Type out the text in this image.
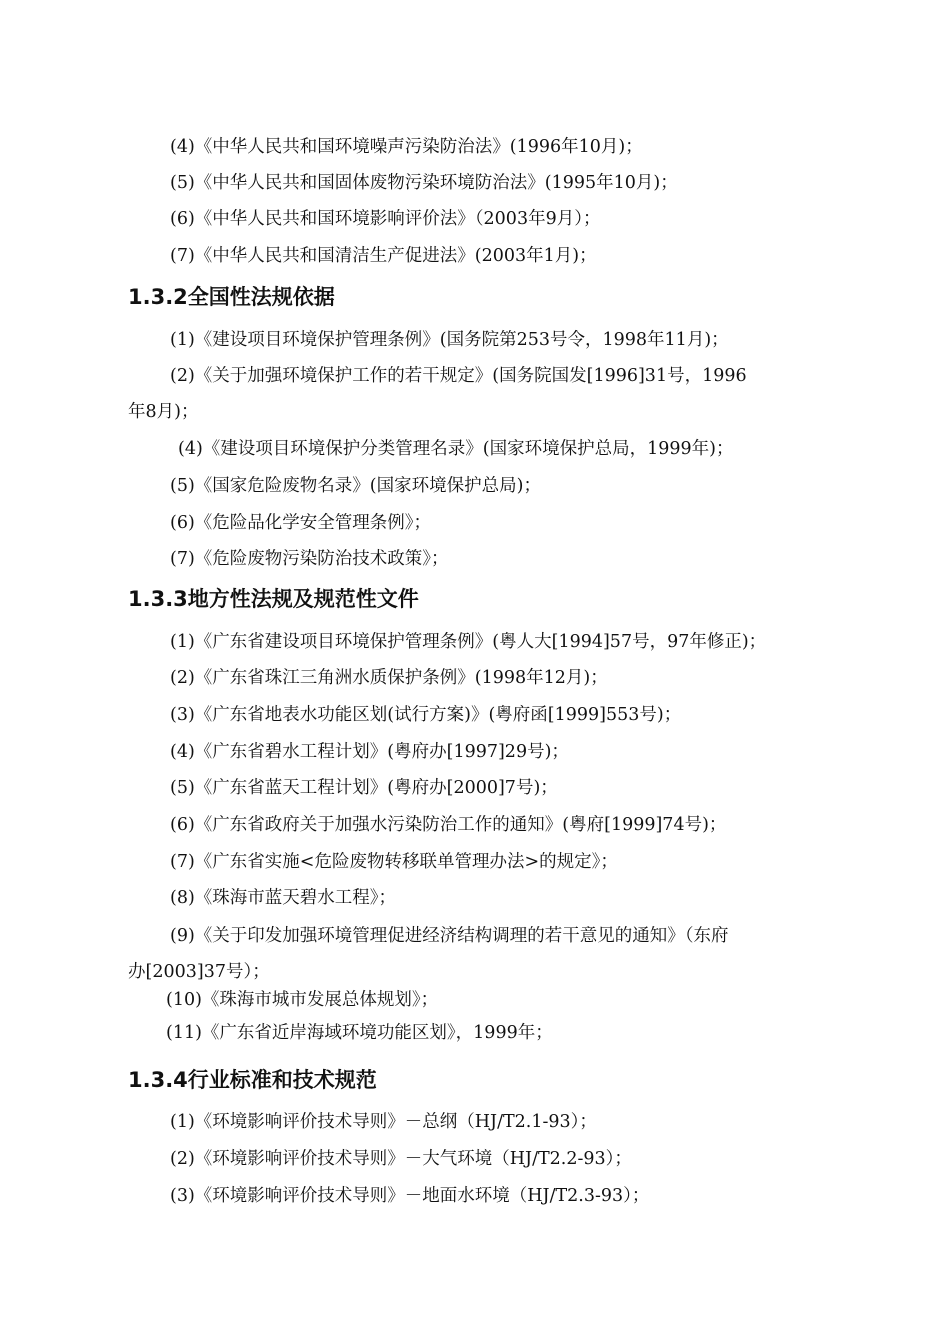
(4)《中华人民共和国环境噪声污染防治法》(1996年10月)；
(5)《中华人民共和国固体废物污染环境防治法》(1995年10月)；
(6)《中华人民共和国环境影响评价法》（2003年9月）；
(7)《中华人民共和国清洁生产促进法》(2003年1月)；
1.3.2全国性法规依据
(1)《建设项目环境保护管理条例》(国务院第253号令，1998年11月)；
(2)《关于加强环境保护工作的若干规定》(国务院国发[1996]31号，1996
年8月)；
(4)《建设项目环境保护分类管理名录》(国家环境保护总局，1999年)；
(5)《国家危险废物名录》(国家环境保护总局)；
(6)《危险品化学安全管理条例》；
(7)《危险废物污染防治技术政策》；
1.3.3地方性法规及规范性文件
(1)《广东省建设项目环境保护管理条例》(粤人大[1994]57号，97年修正)；
(2)《广东省珠江三角洲水质保护条例》(1998年12月)；
(3)《广东省地表水功能区划(试行方案)》(粤府函[1999]553号)；
(4)《广东省碧水工程计划》(粤府办[1997]29号)；
(5)《广东省蓝天工程计划》(粤府办[2000]7号)；
(6)《广东省政府关于加强水污染防治工作的通知》(粤府[1999]74号)；
(7)《广东省实施<危险废物转移联单管理办法>的规定》；
(8)《珠海市蓝天碧水工程》；
(9)《关于印发加强环境管理促进经济结构调理的若干意见的通知》（东府
办[2003]37号）；
(10)《珠海市城市发展总体规划》；
(11)《广东省近岸海域环境功能区划》，1999年；
1.3.4行业标准和技术规范
(1)《环境影响评价技术导则》－总纲（HJ/T2.1-93）；
(2)《环境影响评价技术导则》－大气环境（HJ/T2.2-93）；
(3)《环境影响评价技术导则》－地面水环境（HJ/T2.3-93）；
